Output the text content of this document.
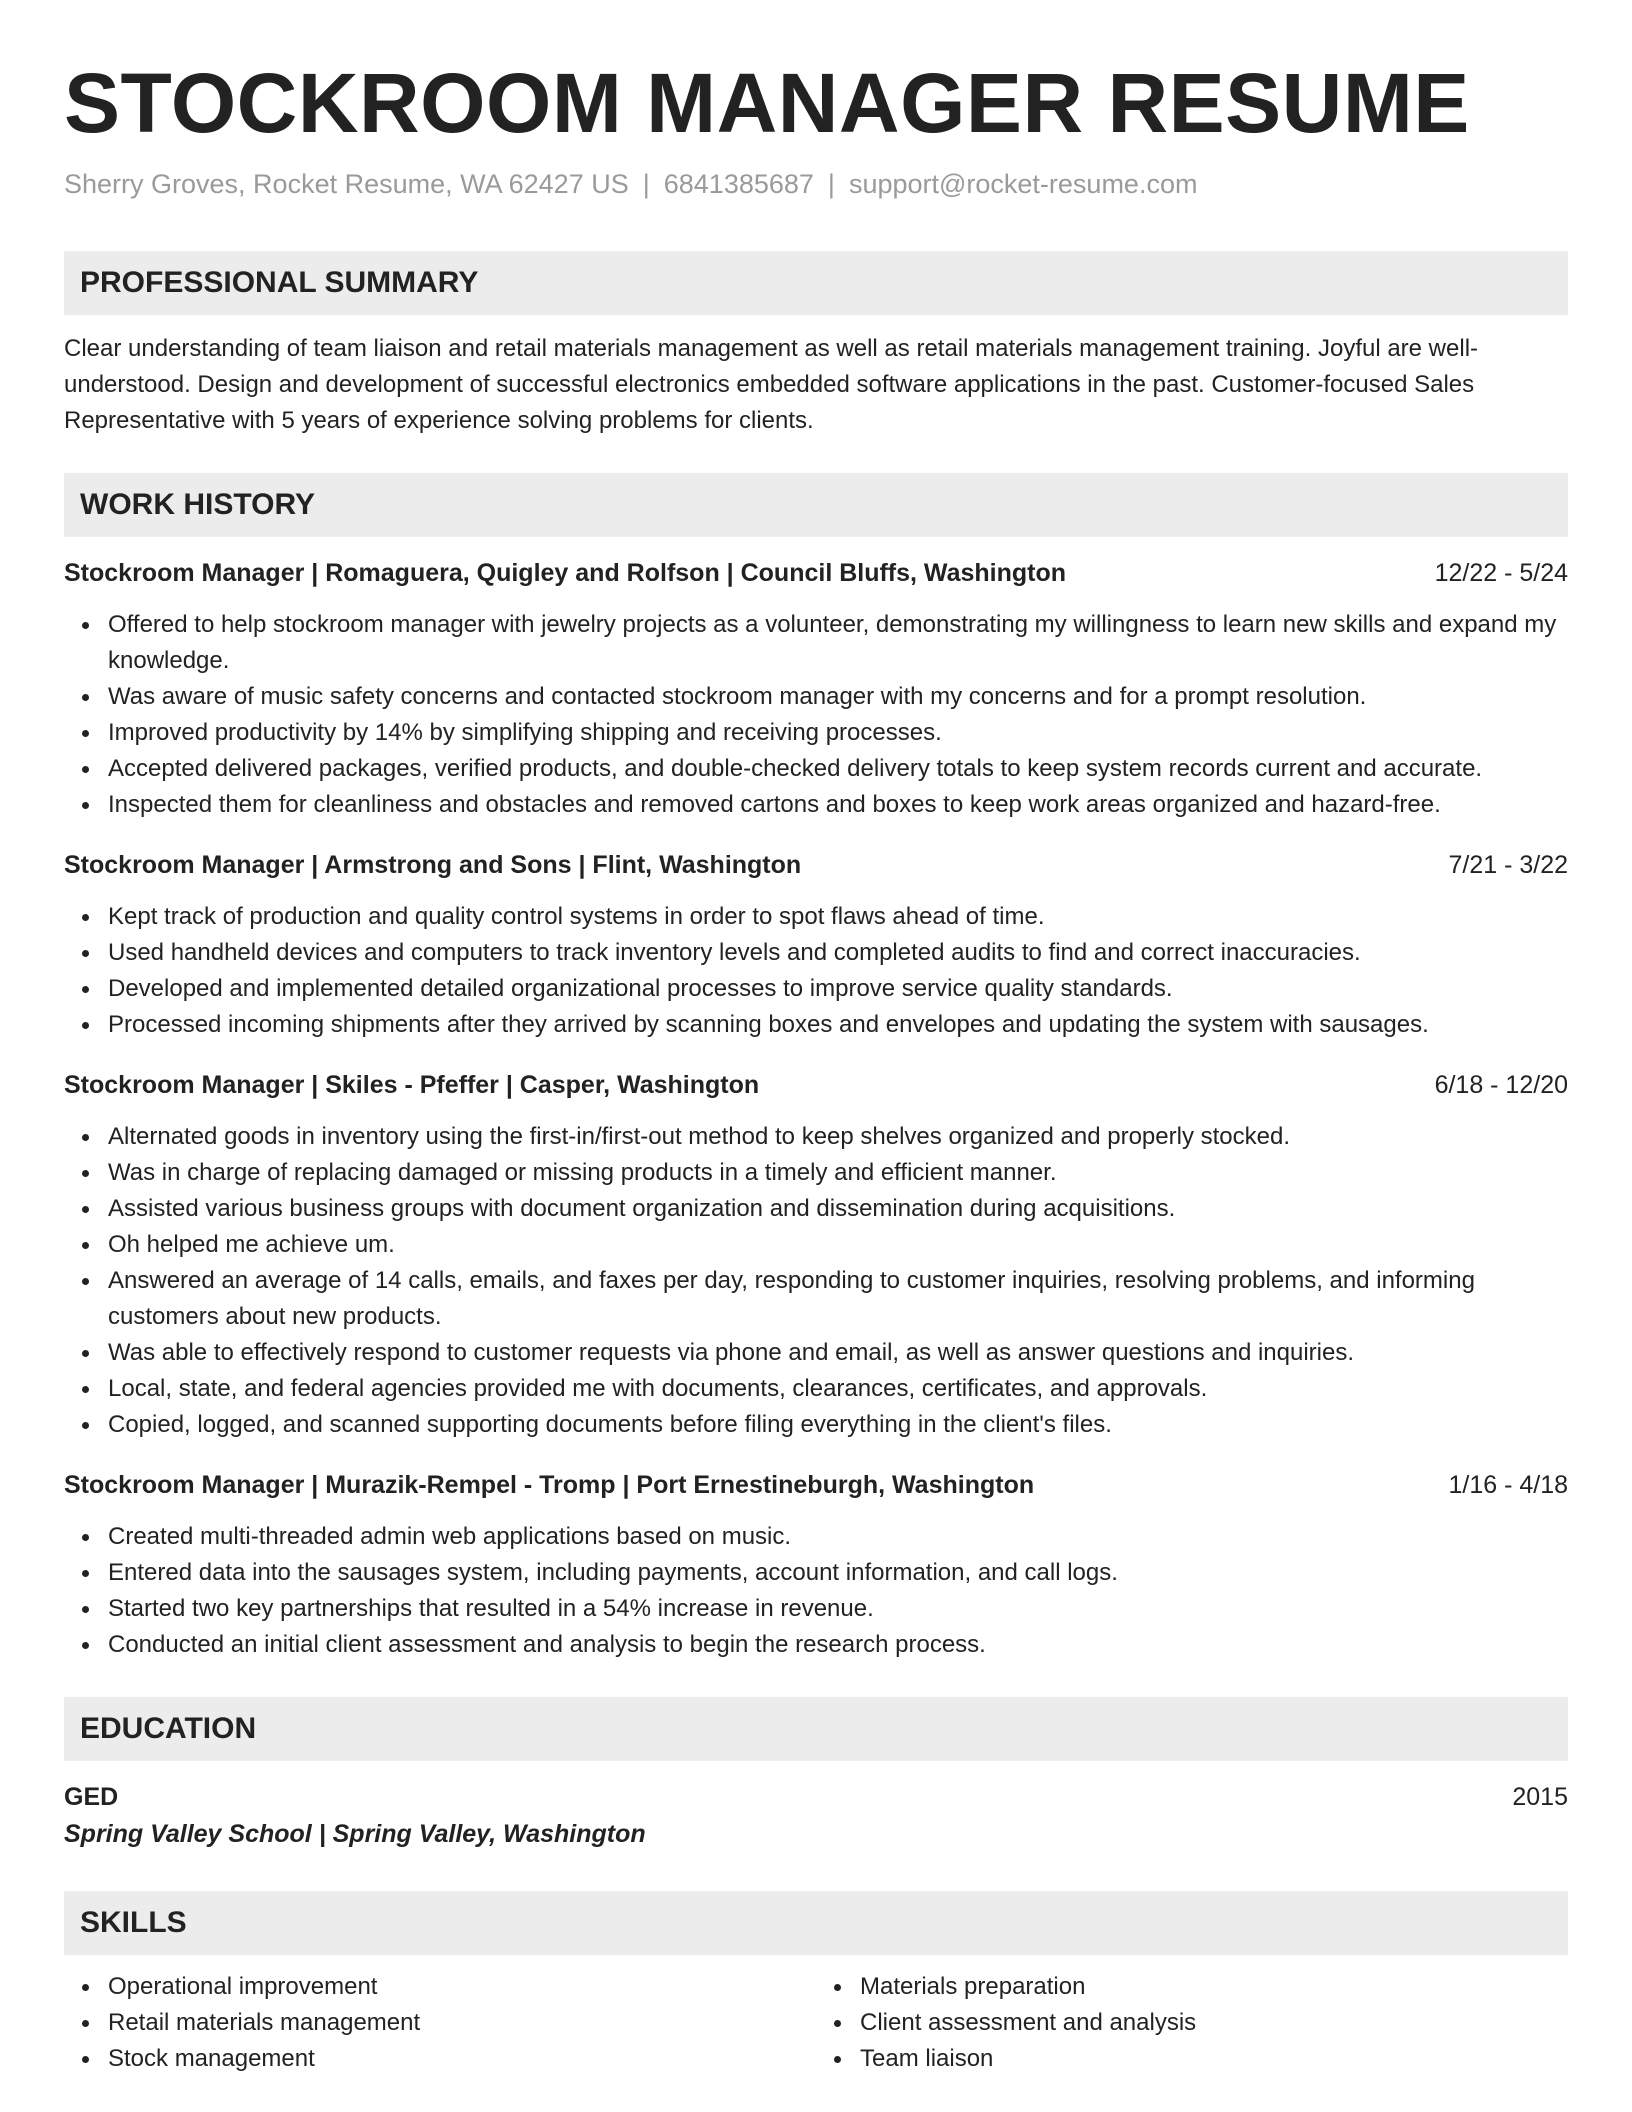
STOCKROOM MANAGER RESUME
Sherry Groves, Rocket Resume, WA 62427 US | 6841385687 | support@rocket-resume.com
PROFESSIONAL SUMMARY
Clear understanding of team liaison and retail materials management as well as retail materials management training. Joyful are well-understood. Design and development of successful electronics embedded software applications in the past. Customer-focused Sales Representative with 5 years of experience solving problems for clients.
WORK HISTORY
Stockroom Manager | Romaguera, Quigley and Rolfson | Council Bluffs, Washington	12/22 - 5/24
Offered to help stockroom manager with jewelry projects as a volunteer, demonstrating my willingness to learn new skills and expand my knowledge.
Was aware of music safety concerns and contacted stockroom manager with my concerns and for a prompt resolution.
Improved productivity by 14% by simplifying shipping and receiving processes.
Accepted delivered packages, verified products, and double-checked delivery totals to keep system records current and accurate.
Inspected them for cleanliness and obstacles and removed cartons and boxes to keep work areas organized and hazard-free.
Stockroom Manager | Armstrong and Sons | Flint, Washington	7/21 - 3/22
Kept track of production and quality control systems in order to spot flaws ahead of time.
Used handheld devices and computers to track inventory levels and completed audits to find and correct inaccuracies.
Developed and implemented detailed organizational processes to improve service quality standards.
Processed incoming shipments after they arrived by scanning boxes and envelopes and updating the system with sausages.
Stockroom Manager | Skiles - Pfeffer | Casper, Washington	6/18 - 12/20
Alternated goods in inventory using the first-in/first-out method to keep shelves organized and properly stocked.
Was in charge of replacing damaged or missing products in a timely and efficient manner.
Assisted various business groups with document organization and dissemination during acquisitions.
Oh helped me achieve um.
Answered an average of 14 calls, emails, and faxes per day, responding to customer inquiries, resolving problems, and informing customers about new products.
Was able to effectively respond to customer requests via phone and email, as well as answer questions and inquiries.
Local, state, and federal agencies provided me with documents, clearances, certificates, and approvals.
Copied, logged, and scanned supporting documents before filing everything in the client's files.
Stockroom Manager | Murazik-Rempel - Tromp | Port Ernestineburgh, Washington	1/16 - 4/18
Created multi-threaded admin web applications based on music.
Entered data into the sausages system, including payments, account information, and call logs.
Started two key partnerships that resulted in a 54% increase in revenue.
Conducted an initial client assessment and analysis to begin the research process.
EDUCATION
GED	2015
Spring Valley School | Spring Valley, Washington
SKILLS
Operational improvement
Retail materials management
Stock management
Materials preparation
Client assessment and analysis
Team liaison
